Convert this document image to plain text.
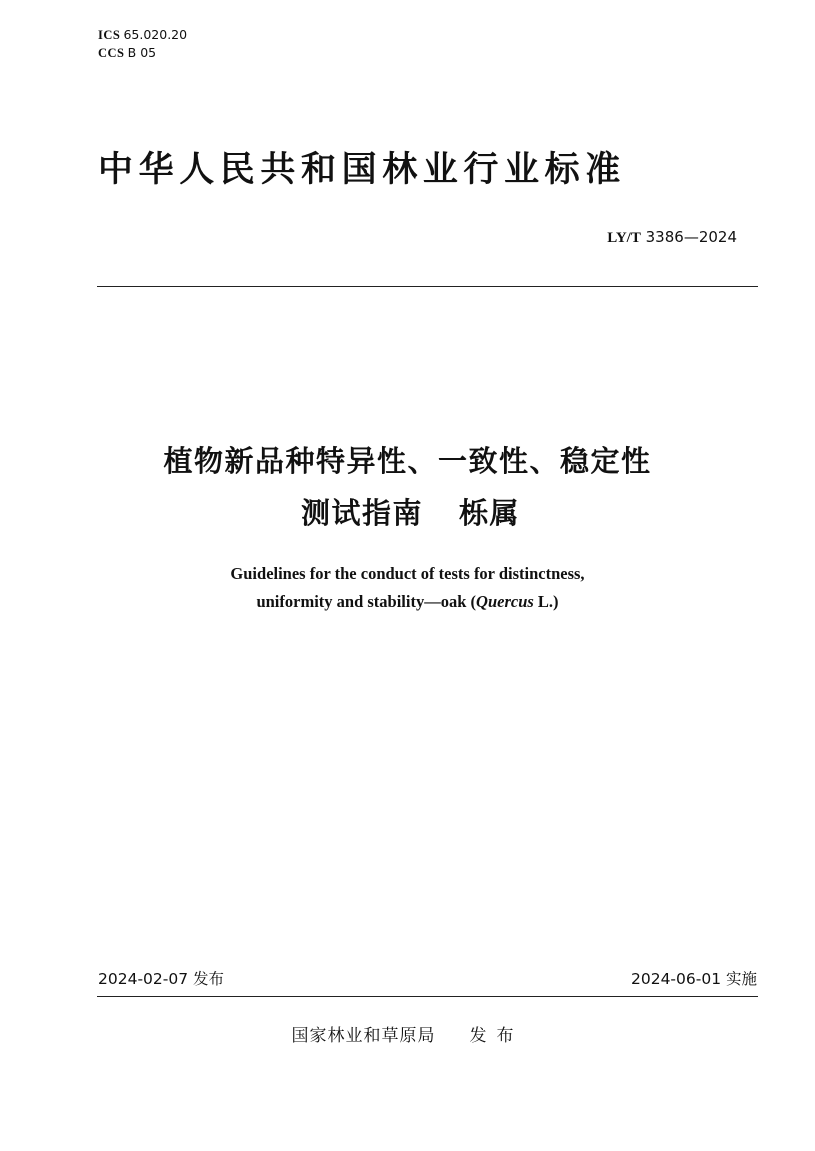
ICS 65.020.20
CCS B 05
中华人民共和国林业行业标准
LY/T 3386—2024
植物新品种特异性、一致性、稳定性
测试指南 栎属
Guidelines for the conduct of tests for distinctness,
uniformity and stability—oak (Quercus L.)
2024-02-07 发布	2024-06-01 实施
国家林业和草原局 发布
